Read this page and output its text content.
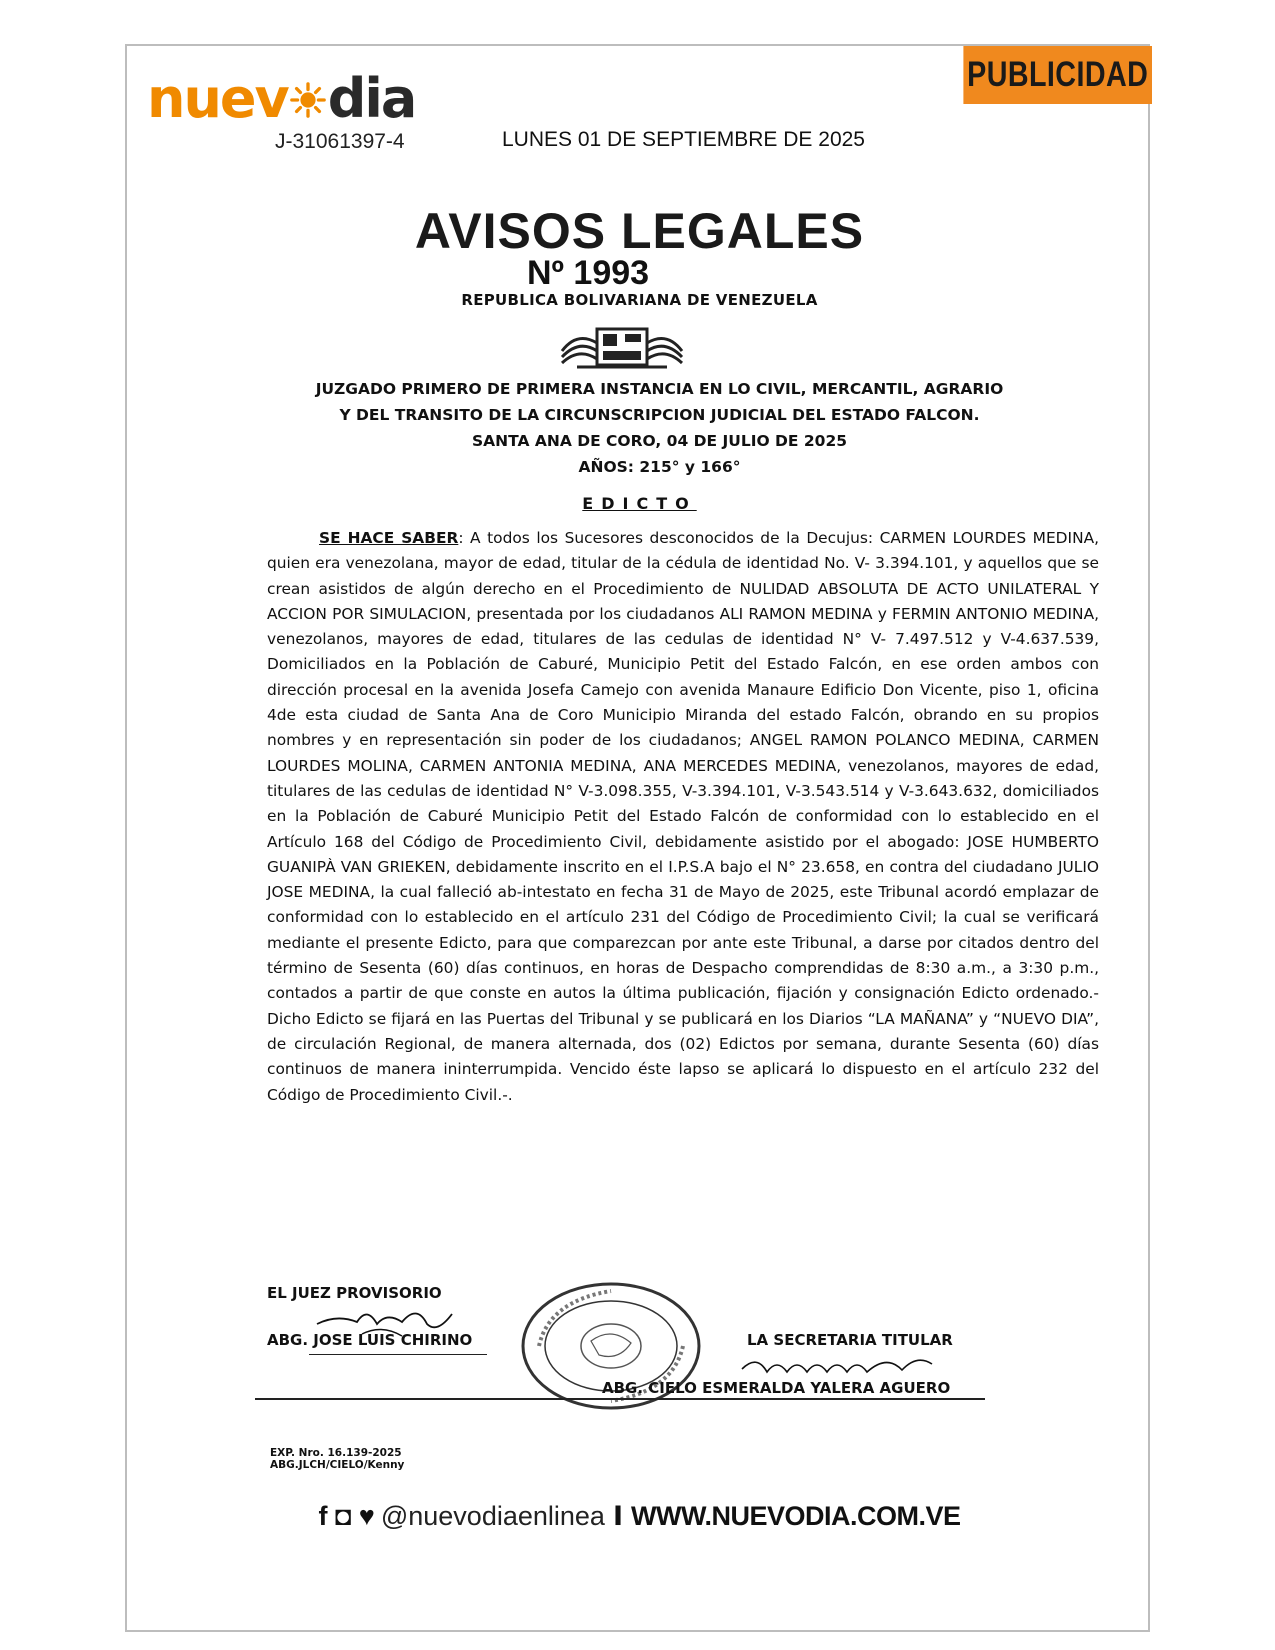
nuev dia
J-31061397-4	LUNES 01 DE SEPTIEMBRE DE 2025
PUBLICIDAD
AVISOS LEGALES
Nº 1993
REPUBLICA BOLIVARIANA DE VENEZUELA
JUZGADO PRIMERO DE PRIMERA INSTANCIA EN LO CIVIL, MERCANTIL, AGRARIO
Y DEL TRANSITO DE LA CIRCUNSCRIPCION JUDICIAL DEL ESTADO FALCON.
SANTA ANA DE CORO, 04 DE JULIO DE 2025
AÑOS: 215° y 166°
EDICTO
SE HACE SABER: A todos los Sucesores desconocidos de la Decujus: CARMEN LOURDES MEDINA, quien era venezolana, mayor de edad, titular de la cédula de identidad No. V- 3.394.101, y aquellos que se crean asistidos de algún derecho en el Procedimiento de NULIDAD ABSOLUTA DE ACTO UNILATERAL Y ACCION POR SIMULACION, presentada por los ciudadanos ALI RAMON MEDINA y FERMIN ANTONIO MEDINA, venezolanos, mayores de edad, titulares de las cedulas de identidad N° V- 7.497.512 y V-4.637.539, Domiciliados en la Población de Caburé, Municipio Petit del Estado Falcón, en ese orden ambos con dirección procesal en la avenida Josefa Camejo con avenida Manaure Edificio Don Vicente, piso 1, oficina 4de esta ciudad de Santa Ana de Coro Municipio Miranda del estado Falcón, obrando en su propios nombres y en representación sin poder de los ciudadanos; ANGEL RAMON POLANCO MEDINA, CARMEN LOURDES MOLINA, CARMEN ANTONIA MEDINA, ANA MERCEDES MEDINA, venezolanos, mayores de edad, titulares de las cedulas de identidad N° V-3.098.355, V-3.394.101, V-3.543.514 y V-3.643.632, domiciliados en la Población de Caburé Municipio Petit del Estado Falcón de conformidad con lo establecido en el Artículo 168 del Código de Procedimiento Civil, debidamente asistido por el abogado: JOSE HUMBERTO GUANIPÀ VAN GRIEKEN, debidamente inscrito en el I.P.S.A bajo el N° 23.658, en contra del ciudadano JULIO JOSE MEDINA, la cual falleció ab-intestato en fecha 31 de Mayo de 2025, este Tribunal acordó emplazar de conformidad con lo establecido en el artículo 231 del Código de Procedimiento Civil; la cual se verificará mediante el presente Edicto, para que comparezcan por ante este Tribunal, a darse por citados dentro del término de Sesenta (60) días continuos, en horas de Despacho comprendidas de 8:30 a.m., a 3:30 p.m., contados a partir de que conste en autos la última publicación, fijación y consignación Edicto ordenado.- Dicho Edicto se fijará en las Puertas del Tribunal y se publicará en los Diarios “LA MAÑANA” y “NUEVO DIA”, de circulación Regional, de manera alternada, dos (02) Edictos por semana, durante Sesenta (60) días continuos de manera ininterrumpida. Vencido éste lapso se aplicará lo dispuesto en el artículo 232 del Código de Procedimiento Civil.-.
EL JUEZ PROVISORIO
ABG. JOSE LUIS CHIRINO	LA SECRETARIA TITULAR
ABG. CIELO ESMERALDA YALERA AGUERO
EXP. Nro. 16.139-2025
ABG.JLCH/CIELO/Kenny
f ◘ ♥ @nuevodiaenlinea I WWW.NUEVODIA.COM.VE
